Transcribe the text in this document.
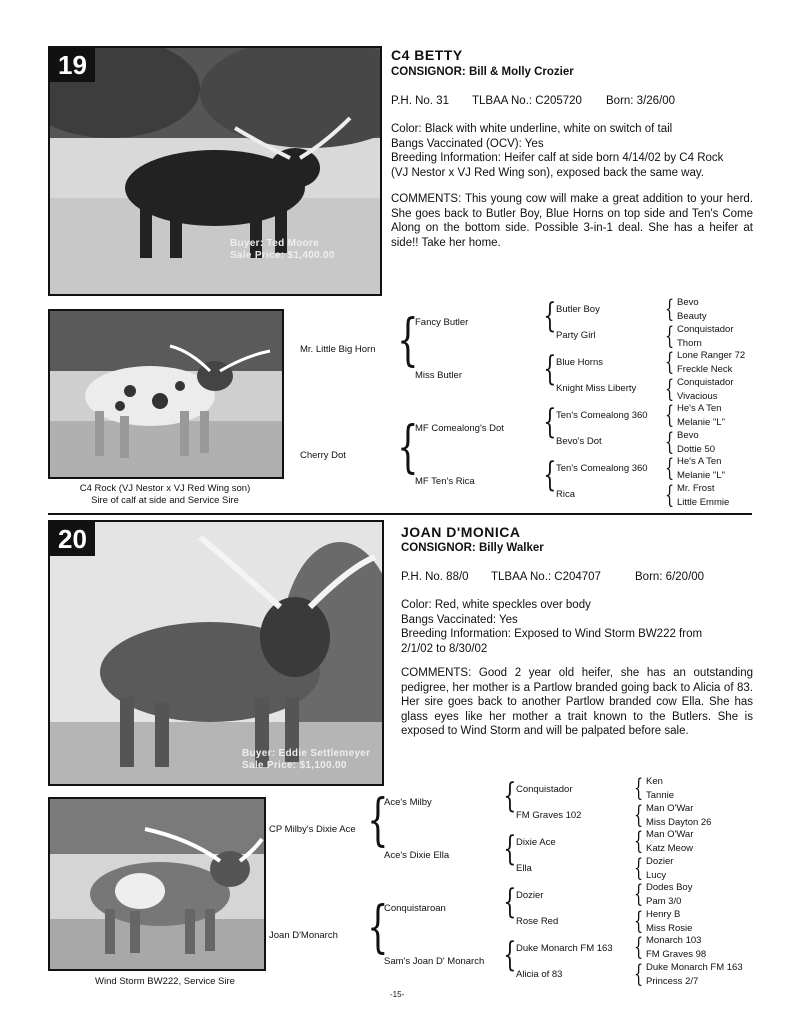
19
Buyer: Ted Moore
Sale Price: $1,400.00
C4 BETTY
CONSIGNOR: Bill & Molly Crozier
P.H. No. 31 TLBAA No.: C205720 Born: 3/26/00

Color: Black with white underline, white on switch of tail

Bangs Vaccinated (OCV): Yes

Breeding Information: Heifer calf at side born 4/14/02 by C4 Rock

(VJ Nestor x VJ Red Wing son), exposed back the same way.

COMMENTS: This young cow will make a great addition to your herd. She goes back to Butler Boy, Blue Horns on top side and Ten's Come Along on the bottom side. Possible 3-in-1 deal. She has a heifer at side!! Take her home.
C4 Rock (VJ Nestor x VJ Red Wing son)
Sire of calf at side and Service Sire
Mr. Little Big Horn
Cherry Dot
{
{
Fancy Butler
Miss Butler
MF Comealong's Dot
MF Ten's Rica
{
{
{
{
Butler Boy
Party Girl
Blue Horns
Knight Miss Liberty
Ten's Comealong 360
Bevo's Dot
Ten's Comealong 360
Rica
{
{
{
{
{
{
{
{
Bevo
Beauty
Conquistador
Thorn
Lone Ranger 72
Freckle Neck
Conquistador
Vivacious
He's A Ten
Melanie "L"
Bevo
Dottie 50
He's A Ten
Melanie "L"
Mr. Frost
Little Emmie
20
Buyer: Eddie Settlemeyer
Sale Price: $1,100.00
JOAN D'MONICA
CONSIGNOR: Billy Walker
P.H. No. 88/0 TLBAA No.: C204707	Born: 6/20/00

Color: Red, white speckles over body

Bangs Vaccinated: Yes

Breeding Information: Exposed to Wind Storm BW222 from

2/1/02 to 8/30/02

COMMENTS: Good 2 year old heifer, she has an outstanding pedigree, her mother is a Partlow branded going back to Alicia of 83. Her sire goes back to another Partlow branded cow Ella. She has glass eyes like her mother a trait known to the Butlers. She is exposed to Wind Storm and will be palpated before sale.
Wind Storm BW222, Service Sire
CP Milby's Dixie Ace
Joan D'Monarch
{
{
Ace's Milby
Ace's Dixie Ella
Conquistaroan
Sam's Joan D' Monarch
{
{
{
{
Conquistador
FM Graves 102
Dixie Ace
Ella
Dozier
Rose Red
Duke Monarch FM 163
Alicia of 83
{
{
{
{
{
{
{
{
Ken
Tannie
Man O'War
Miss Dayton 26
Man O'War
Katz Meow
Dozier
Lucy
Dodes Boy
Pam 3/0
Henry B
Miss Rosie
Monarch 103
FM Graves 98
Duke Monarch FM 163
Princess 2/7
-15-
